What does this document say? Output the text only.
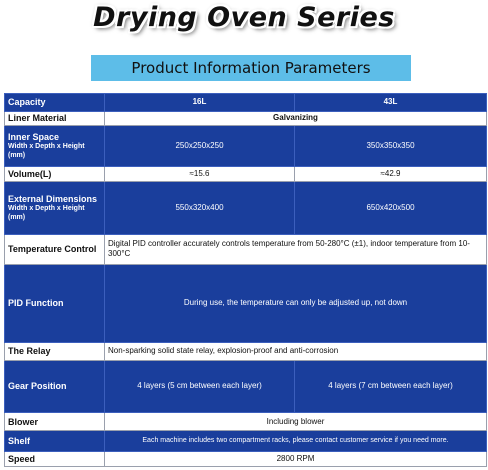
Drying Oven Series
Product Information Parameters
Capacity	16L	43L
Liner Material	Galvanizing	
Inner Space
Width x Depth x Height (mm)	250x250x250	350x350x350
Volume(L)	≈15.6	≈42.9
External Dimensions
Width x Depth x Height (mm)	550x320x400	650x420x500
Temperature Control	Digital PID controller accurately controls temperature from 50-280°C (±1), indoor temperature from 10-300°C	
PID Function	During use, the temperature can only be adjusted up, not down	
The Relay	Non-sparking solid state relay, explosion-proof and anti-corrosion	
Gear Position	4 layers (5 cm between each layer)	4 layers (7 cm between each layer)
Blower	Including blower	
Shelf	Each machine includes two compartment racks, please contact customer service if you need more.	
Speed	2800 RPM	
